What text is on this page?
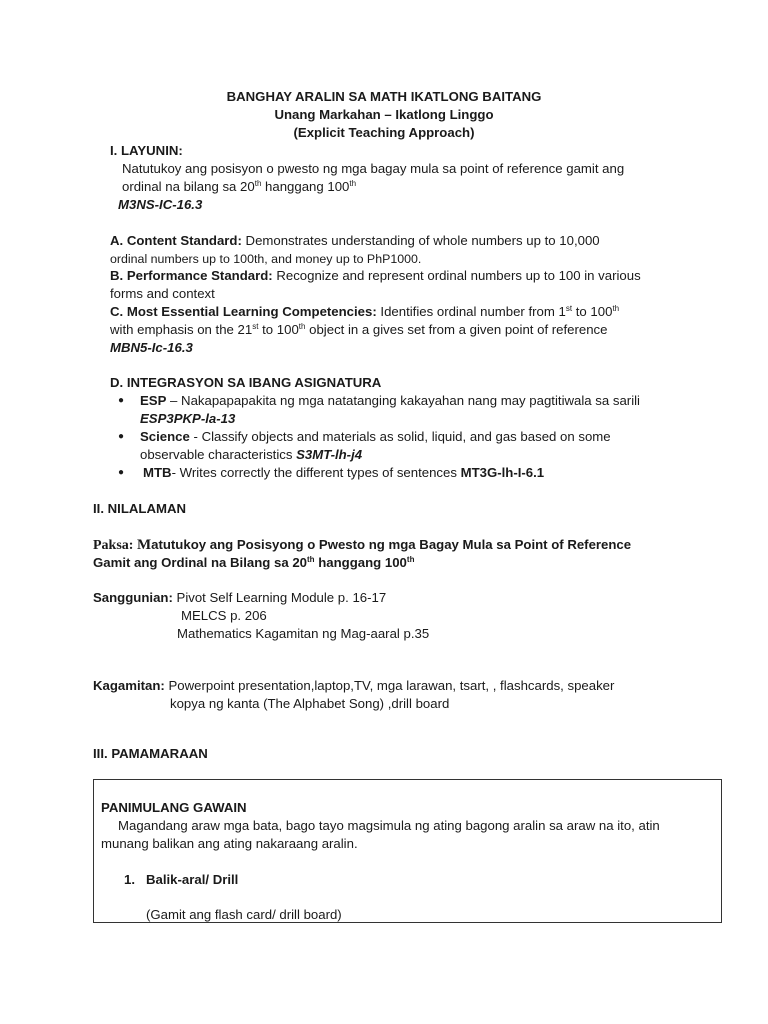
BANGHAY ARALIN SA MATH IKATLONG BAITANG
Unang Markahan – Ikatlong Linggo
(Explicit Teaching Approach)
I. LAYUNIN:
Natutukoy ang posisyon o pwesto ng mga bagay mula sa point of reference gamit ang
ordinal na bilang sa 20th hanggang 100th
M3NS-IC-16.3
A. Content Standard: Demonstrates understanding of whole numbers up to 10,000
ordinal numbers up to 100th, and money up to PhP1000.
B. Performance Standard: Recognize and represent ordinal numbers up to 100 in various
forms and context
C. Most Essential Learning Competencies: Identifies ordinal number from 1st to 100th
with emphasis on the 21st to 100th object in a gives set from a given point of reference
MBN5-Ic-16.3
D. INTEGRASYON SA IBANG ASIGNATURA
● ESP – Nakapapapakita ng mga natatanging kakayahan nang may pagtitiwala sa sarili
ESP3PKP-la-13
● Science - Classify objects and materials as solid, liquid, and gas based on some
observable characteristics S3MT-lh-j4
● MTB- Writes correctly the different types of sentences MT3G-lh-I-6.1
II. NILALAMAN
Paksa: Matutukoy ang Posisyong o Pwesto ng mga Bagay Mula sa Point of Reference
Gamit ang Ordinal na Bilang sa 20th hanggang 100th
Sanggunian: Pivot Self Learning Module p. 16-17
MELCS p. 206
Mathematics Kagamitan ng Mag-aaral p.35
Kagamitan: Powerpoint presentation,laptop,TV, mga larawan, tsart, , flashcards, speaker
kopya ng kanta (The Alphabet Song) ,drill board
III. PAMAMARAAN
PANIMULANG GAWAIN
Magandang araw mga bata, bago tayo magsimula ng ating bagong aralin sa araw na ito, atin
munang balikan ang ating nakaraang aralin.
1. Balik-aral/ Drill
(Gamit ang flash card/ drill board)
